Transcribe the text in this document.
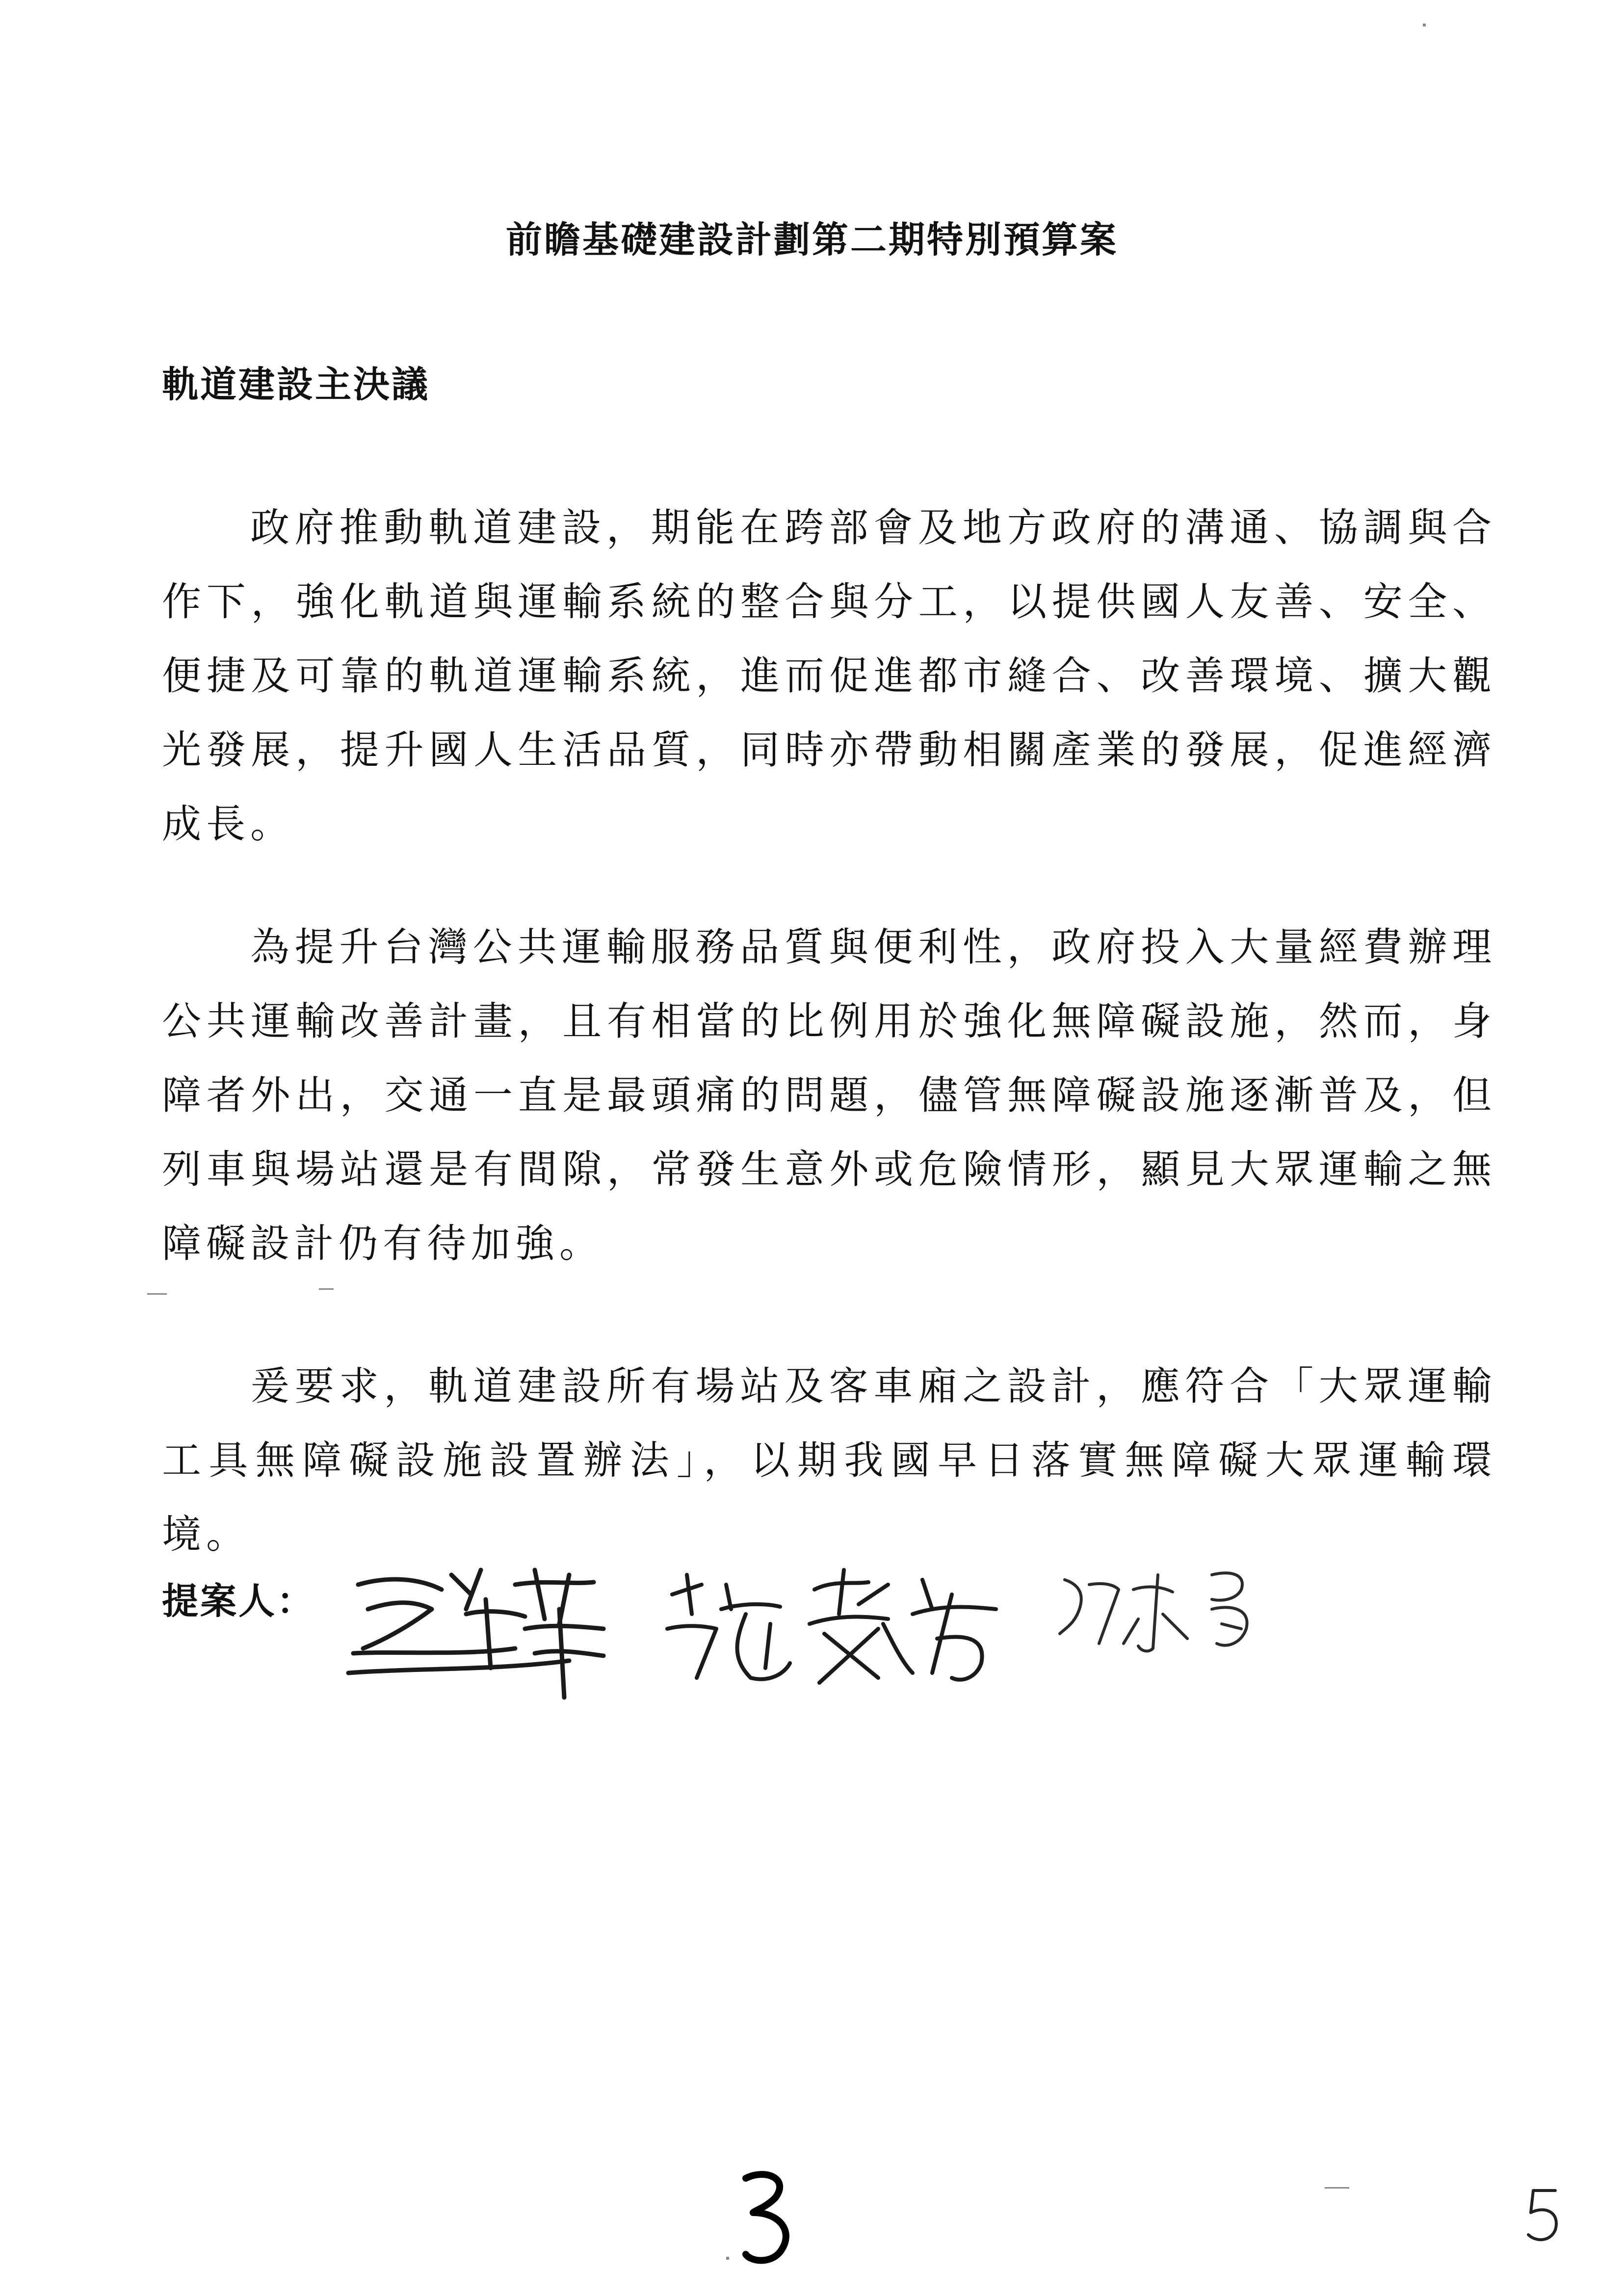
前瞻基礎建設計劃第二期特別預算案
軌道建設主決議

政府推動軌道建設，期能在跨部會及地方政府的溝通、協調與合作下，強化軌道與運輸系統的整合與分工，以提供國人友善、安全、便捷及可靠的軌道運輸系統，進而促進都市縫合、改善環境、擴大觀光發展，提升國人生活品質，同時亦帶動相關產業的發展，促進經濟成長。

為提升台灣公共運輸服務品質與便利性，政府投入大量經費辦理公共運輸改善計畫，且有相當的比例用於強化無障礙設施，然而，身障者外出，交通一直是最頭痛的問題，儘管無障礙設施逐漸普及，但列車與場站還是有間隙，常發生意外或危險情形，顯見大眾運輸之無障礙設計仍有待加強。

爰要求，軌道建設所有場站及客車廂之設計，應符合「大眾運輸工具無障礙設施設置辦法」，以期我國早日落實無障礙大眾運輸環境。

提案人：
